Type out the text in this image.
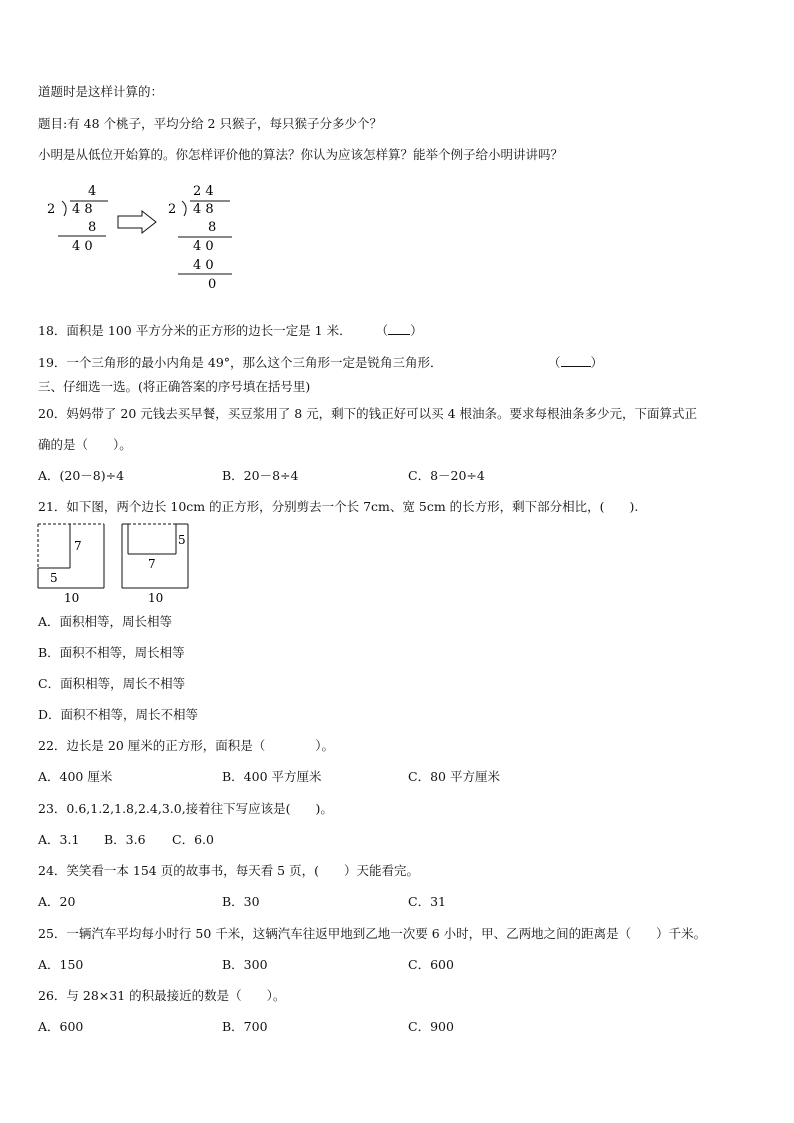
道题时是这样计算的：
题目:有 48 个桃子，平均分给 2 只猴子，每只猴子分多少个？
小明是从低位开始算的。你怎样评价他的算法？你认为应该怎样算？能举个例子给小明讲讲吗？
4
2 4 8
8
4 0
2 4
2 4 8
8
4 0
4 0
0
18．面积是 100 平方分米的正方形的边长一定是 1 米． （ ）
19．一个三角形的最小内角是 49°，那么这个三角形一定是锐角三角形．	（ ）
三、仔细选一选。(将正确答案的序号填在括号里)
20．妈妈带了 20 元钱去买早餐，买豆浆用了 8 元，剩下的钱正好可以买 4 根油条。要求每根油条多少元，下面算式正
确的是（　　）。
A．(20－8)÷4	B．20－8÷4	C．8－20÷4
21．如下图，两个边长 10cm 的正方形，分别剪去一个长 7cm、宽 5cm 的长方形，剩下部分相比，(　　).
7
5
10
7
5
10
A．面积相等，周长相等
B．面积不相等，周长相等
C．面积相等，周长不相等
D．面积不相等，周长不相等
22．边长是 20 厘米的正方形，面积是（　　　　）。
A．400 厘米	B．400 平方厘米	C．80 平方厘米
23．0.6,1.2,1.8,2.4,3.0,接着往下写应该是(　　)。
A．3.1 B．3.6 C．6.0
24．笑笑看一本 154 页的故事书，每天看 5 页，(　　）天能看完。
A．20	B．30	C．31
25．一辆汽车平均每小时行 50 千米，这辆汽车往返甲地到乙地一次要 6 小时，甲、乙两地之间的距离是（　　）千米。
A．150	B．300	C．600
26．与 28×31 的积最接近的数是（　　）。
A．600	B．700	C．900
